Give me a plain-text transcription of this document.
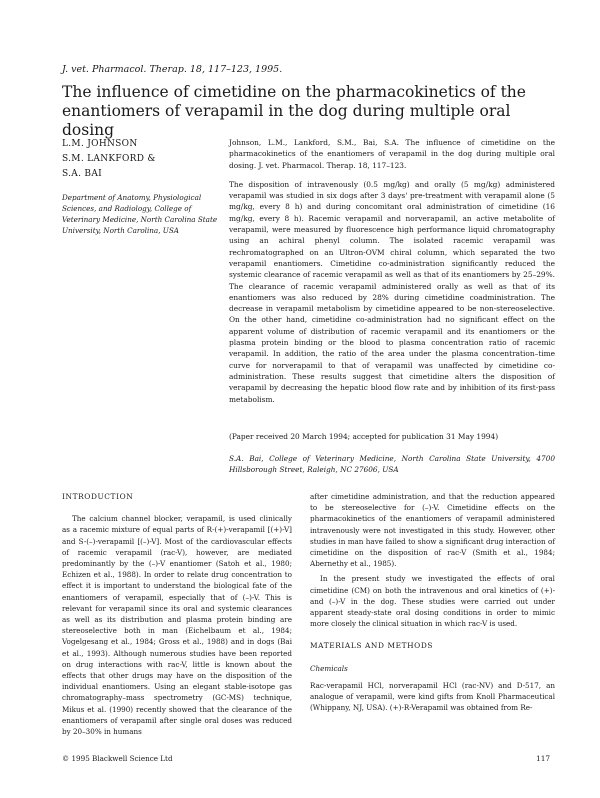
J. vet. Pharmacol. Therap. 18, 117–123, 1995.
The influence of cimetidine on the pharmacokinetics of the enantiomers of verapamil in the dog during multiple oral dosing
L.M. JOHNSON
S.M. LANKFORD &
S.A. BAI
Department of Anatomy, Physiological Sciences, and Radiology, College of Veterinary Medicine, North Carolina State University, North Carolina, USA

Johnson, L.M., Lankford, S.M., Bai, S.A. The influence of cimetidine on the pharmacokinetics of the enantiomers of verapamil in the dog during multiple oral dosing. J. vet. Pharmacol. Therap. 18, 117–123.

The disposition of intravenously (0.5 mg/kg) and orally (5 mg/kg) administered verapamil was studied in six dogs after 3 days' pre-treatment with verapamil alone (5 mg/kg, every 8 h) and during concomitant oral administration of cimetidine (16 mg/kg, every 8 h). Racemic verapamil and norverapamil, an active metabolite of verapamil, were measured by fluorescence high performance liquid chromatography using an achiral phenyl column. The isolated racemic verapamil was rechromatographed on an Ultron-OVM chiral column, which separated the two verapamil enantiomers. Cimetidine co-administration significantly reduced the systemic clearance of racemic verapamil as well as that of its enantiomers by 25–29%. The clearance of racemic verapamil administered orally as well as that of its enantiomers was also reduced by 28% during cimetidine coadministration. The decrease in verapamil metabolism by cimetidine appeared to be non-stereoselective. On the other hand, cimetidine co-administration had no significant effect on the apparent volume of distribution of racemic verapamil and its enantiomers or the plasma protein binding or the blood to plasma concentration ratio of racemic verapamil. In addition, the ratio of the area under the plasma concentration–time curve for norverapamil to that of verapamil was unaffected by cimetidine co-administration. These results suggest that cimetidine alters the disposition of verapamil by decreasing the hepatic blood flow rate and by inhibition of its first-pass metabolism.

(Paper received 20 March 1994; accepted for publication 31 May 1994)
S.A. Bai, College of Veterinary Medicine, North Carolina State University, 4700 Hillsborough Street, Raleigh, NC 27606, USA
INTRODUCTION

The calcium channel blocker, verapamil, is used clinically as a racemic mixture of equal parts of R-(+)-verapamil [(+)-V] and S-(–)-verapamil [(–)-V]. Most of the cardiovascular effects of racemic verapamil (rac-V), however, are mediated predominantly by the (–)-V enantiomer (Satoh et al., 1980; Echizen et al., 1988). In order to relate drug concentration to effect it is important to understand the biological fate of the enantiomers of verapamil, especially that of (–)-V. This is relevant for verapamil since its oral and systemic clearances as well as its distribution and plasma protein binding are stereoselective both in man (Eichelbaum et al., 1984; Vogelgesang et al., 1984; Gross et al., 1988) and in dogs (Bai et al., 1993). Although numerous studies have been reported on drug interactions with rac-V, little is known about the effects that other drugs may have on the disposition of the individual enantiomers. Using an elegant stable-isotope gas chromatography–mass spectrometry (GC-MS) technique, Mikus et al. (1990) recently showed that the clearance of the enantiomers of verapamil after single oral doses was reduced by 20–30% in humans

after cimetidine administration, and that the reduction appeared to be stereoselective for (–)-V. Cimetidine effects on the pharmacokinetics of the enantiomers of verapamil administered intravenously were not investigated in this study. However, other studies in man have failed to show a significant drug interaction of cimetidine on the disposition of rac-V (Smith et al., 1984; Abernethy et al., 1985).

In the present study we investigated the effects of oral cimetidine (CM) on both the intravenous and oral kinetics of (+)- and (–)-V in the dog. These studies were carried out under apparent steady-state oral dosing conditions in order to mimic more closely the clinical situation in which rac-V is used.

MATERIALS AND METHODS
Chemicals

Rac-verapamil HCl, norverapamil HCl (rac-NV) and D-517, an analogue of verapamil, were kind gifts from Knoll Pharmaceutical (Whippany, NJ, USA). (+)-R-Verapamil was obtained from Re-

© 1995 Blackwell Science Ltd	117
